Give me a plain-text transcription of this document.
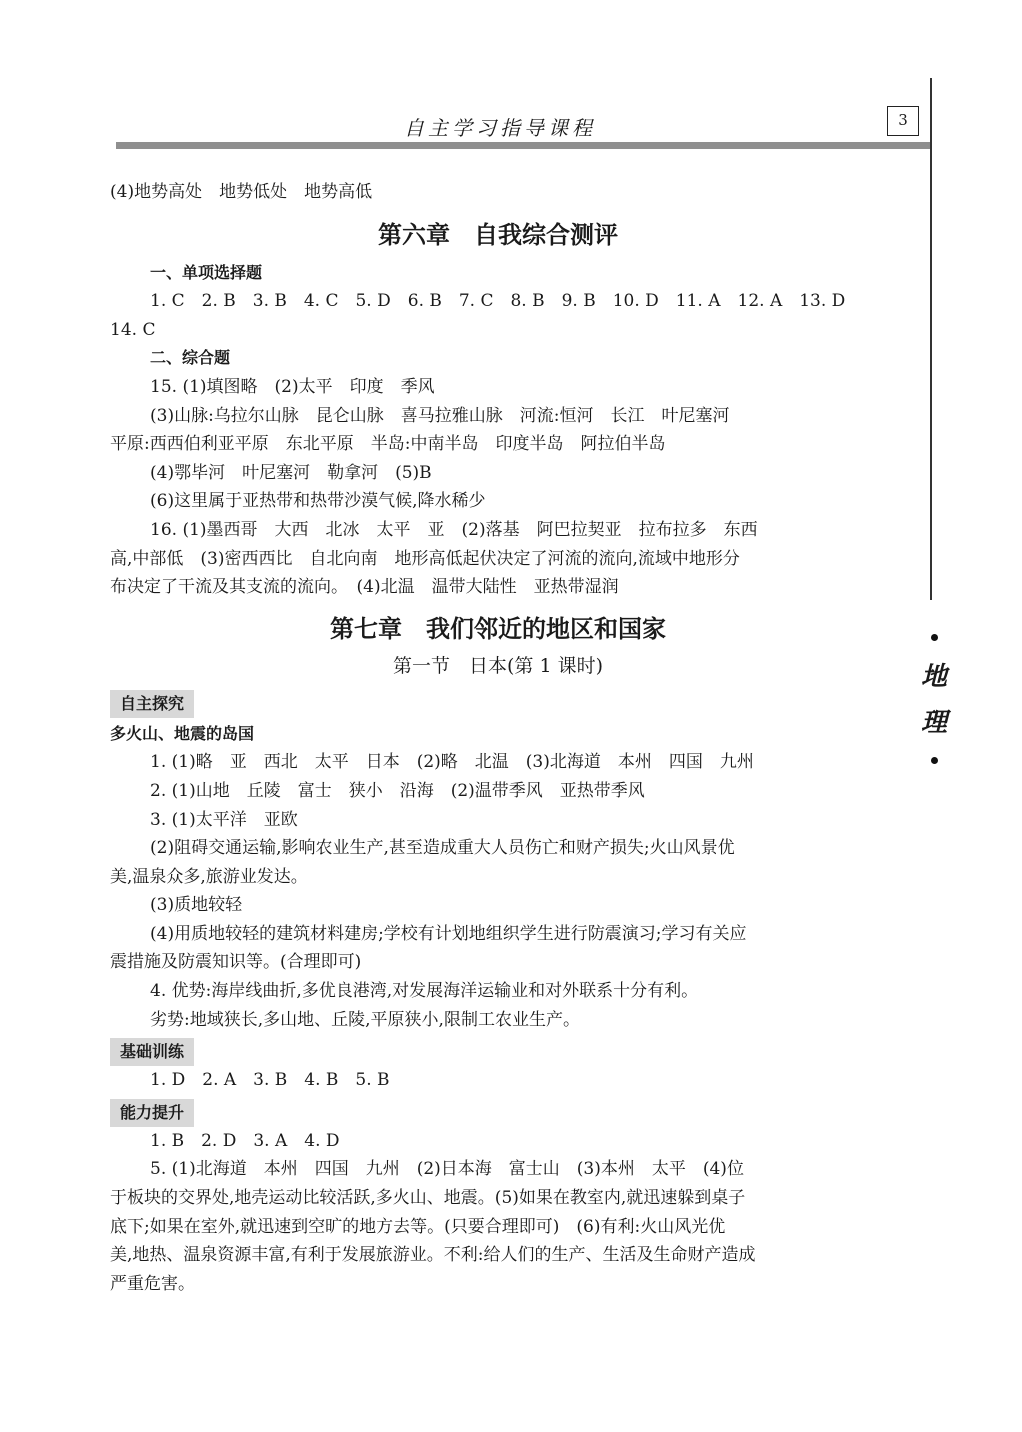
自主学习指导课程	3
地
理
(4)地势高处　地势低处　地势高低
第六章　自我综合测评
一、单项选择题
1. C　2. B　3. B　4. C　5. D　6. B　7. C　8. B　9. B　10. D　11. A　12. A　13. D
14. C
二、综合题
15. (1)填图略　(2)太平　印度　季风
(3)山脉:乌拉尔山脉　昆仑山脉　喜马拉雅山脉　河流:恒河　长江　叶尼塞河
平原:西西伯利亚平原　东北平原　半岛:中南半岛　印度半岛　阿拉伯半岛
(4)鄂毕河　叶尼塞河　勒拿河　(5)B
(6)这里属于亚热带和热带沙漠气候,降水稀少
16. (1)墨西哥　大西　北冰　太平　亚　(2)落基　阿巴拉契亚　拉布拉多　东西
高,中部低　(3)密西西比　自北向南　地形高低起伏决定了河流的流向,流域中地形分
布决定了干流及其支流的流向。　(4)北温　温带大陆性　亚热带湿润
第七章　我们邻近的地区和国家
第一节　日本(第 1 课时)
自主探究
多火山、地震的岛国
1. (1)略　亚　西北　太平　日本　(2)略　北温　(3)北海道　本州　四国　九州
2. (1)山地　丘陵　富士　狭小　沿海　(2)温带季风　亚热带季风
3. (1)太平洋　亚欧
(2)阻碍交通运输,影响农业生产,甚至造成重大人员伤亡和财产损失;火山风景优
美,温泉众多,旅游业发达。
(3)质地较轻
(4)用质地较轻的建筑材料建房;学校有计划地组织学生进行防震演习;学习有关应
震措施及防震知识等。(合理即可)
4. 优势:海岸线曲折,多优良港湾,对发展海洋运输业和对外联系十分有利。
劣势:地域狭长,多山地、丘陵,平原狭小,限制工农业生产。
基础训练
1. D　2. A　3. B　4. B　5. B
能力提升
1. B　2. D　3. A　4. D
5. (1)北海道　本州　四国　九州　(2)日本海　富士山　(3)本州　太平　(4)位
于板块的交界处,地壳运动比较活跃,多火山、地震。(5)如果在教室内,就迅速躲到桌子
底下;如果在室外,就迅速到空旷的地方去等。(只要合理即可)　(6)有利:火山风光优
美,地热、温泉资源丰富,有利于发展旅游业。不利:给人们的生产、生活及生命财产造成
严重危害。
